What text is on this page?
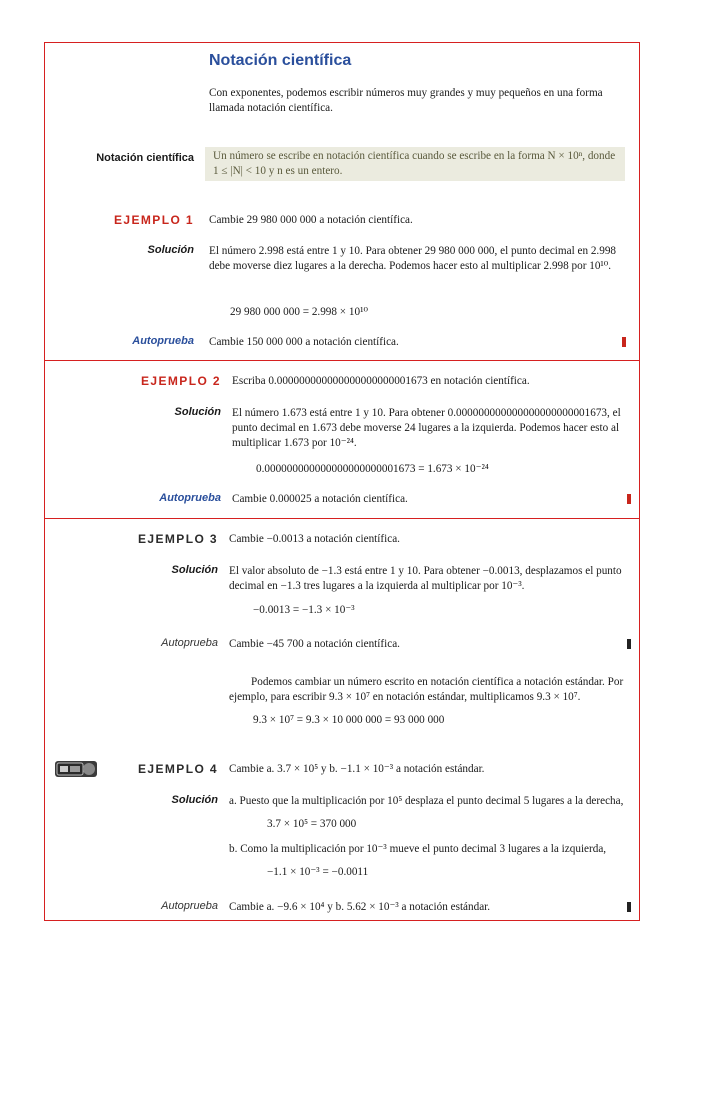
Notación científica
Con exponentes, podemos escribir números muy grandes y muy pequeños en una forma llamada notación científica.
Notación científica	Un número se escribe en notación científica cuando se escribe en la forma N × 10ⁿ, donde 1 ≤ |N| < 10 y n es un entero.
EJEMPLO 1 Cambie 29 980 000 000 a notación científica.
Solución El número 2.998 está entre 1 y 10. Para obtener 29 980 000 000, el punto decimal en 2.998 debe moverse diez lugares a la derecha. Podemos hacer esto al multiplicar 2.998 por 10¹⁰.
29 980 000 000 = 2.998 × 10¹⁰
Autoprueba Cambie 150 000 000 a notación científica.
EJEMPLO 2 Escriba 0.000000000000000000000001673 en notación científica.
Solución El número 1.673 está entre 1 y 10. Para obtener 0.000000000000000000000001673, el punto decimal en 1.673 debe moverse 24 lugares a la izquierda. Podemos hacer esto al multiplicar 1.673 por 10⁻²⁴.
0.000000000000000000000001673 = 1.673 × 10⁻²⁴
Autoprueba Cambie 0.000025 a notación científica.
EJEMPLO 3 Cambie −0.0013 a notación científica.
Solución El valor absoluto de −1.3 está entre 1 y 10. Para obtener −0.0013, desplazamos el punto decimal en −1.3 tres lugares a la izquierda al multiplicar por 10⁻³.
−0.0013 = −1.3 × 10⁻³
Autoprueba Cambie −45 700 a notación científica.
Podemos cambiar un número escrito en notación científica a notación estándar. Por ejemplo, para escribir 9.3 × 10⁷ en notación estándar, multiplicamos 9.3 × 10⁷.
9.3 × 10⁷ = 9.3 × 10 000 000 = 93 000 000
EJEMPLO 4 Cambie a. 3.7 × 10⁵ y b. −1.1 × 10⁻³ a notación estándar.
Solución a. Puesto que la multiplicación por 10⁵ desplaza el punto decimal 5 lugares a la derecha,
3.7 × 10⁵ = 370 000
b. Como la multiplicación por 10⁻³ mueve el punto decimal 3 lugares a la izquierda,
−1.1 × 10⁻³ = −0.0011
Autoprueba Cambie a. −9.6 × 10⁴ y b. 5.62 × 10⁻³ a notación estándar.
